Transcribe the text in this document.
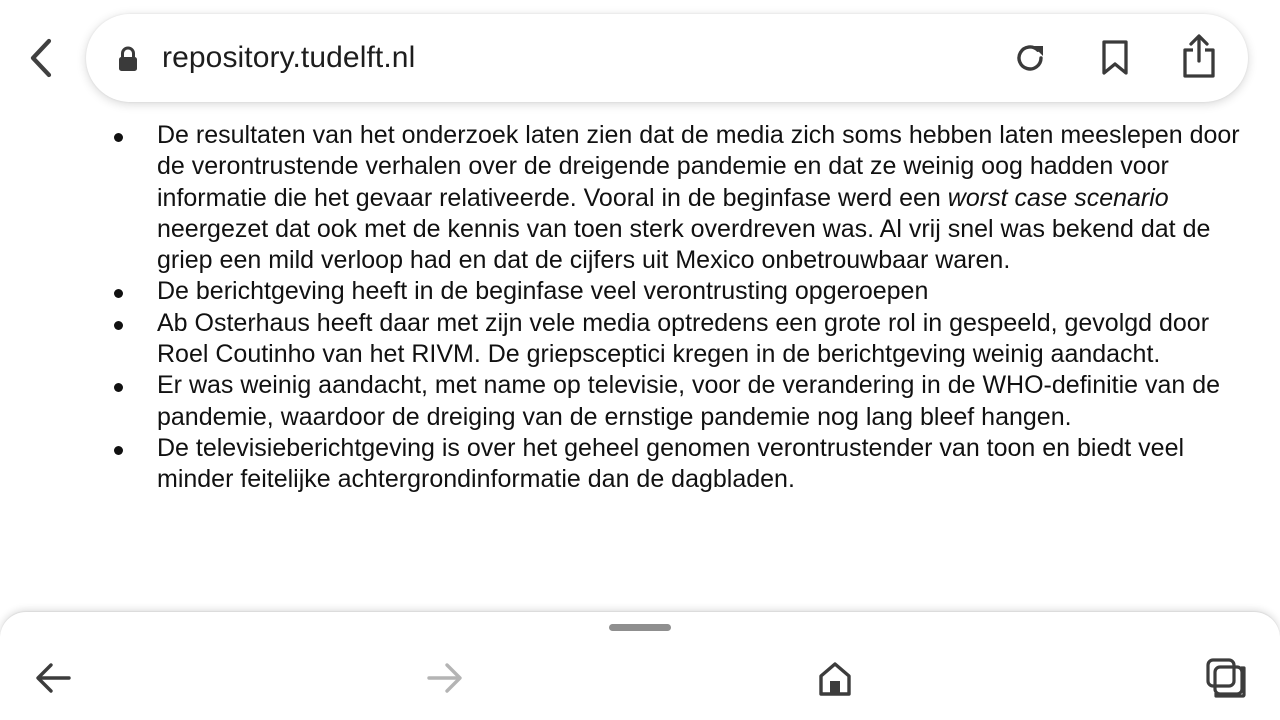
repository.tudelft.nl
De resultaten van het onderzoek laten zien dat de media zich soms hebben laten meeslepen door de verontrustende verhalen over de dreigende pandemie en dat ze weinig oog hadden voor informatie die het gevaar relativeerde. Vooral in de beginfase werd een worst case scenario neergezet dat ook met de kennis van toen sterk overdreven was. Al vrij snel was bekend dat de griep een mild verloop had en dat de cijfers uit Mexico onbetrouwbaar waren.
De berichtgeving heeft in de beginfase veel verontrusting opgeroepen
Ab Osterhaus heeft daar met zijn vele media optredens een grote rol in gespeeld, gevolgd door Roel Coutinho van het RIVM. De griepsceptici kregen in de berichtgeving weinig aandacht.
Er was weinig aandacht, met name op televisie, voor de verandering in de WHO-definitie van de pandemie, waardoor de dreiging van de ernstige pandemie nog lang bleef hangen.
De televisieberichtgeving is over het geheel genomen verontrustender van toon en biedt veel minder feitelijke achtergrondinformatie dan de dagbladen.
